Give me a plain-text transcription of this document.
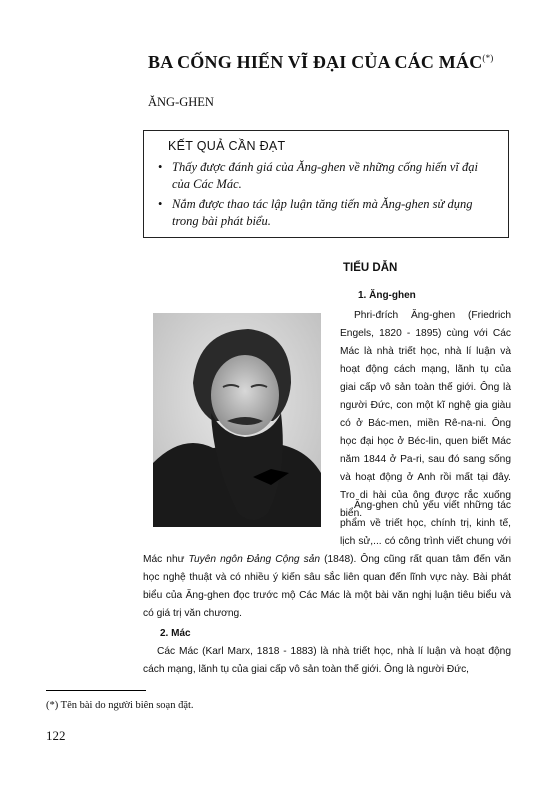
BA CỐNG HIẾN VĨ ĐẠI CỦA CÁC MÁC(*)
ĂNG-GHEN
KẾT QUẢ CẦN ĐẠT
• Thấy được đánh giá của Ăng-ghen về những cống hiến vĩ đại của Các Mác.
• Nắm được thao tác lập luận tăng tiến mà Ăng-ghen sử dụng trong bài phát biểu.
TIỂU DẪN
1. Ăng-ghen

Phri-đrích Ăng-ghen (Friedrich Engels, 1820 - 1895) cùng với Các Mác là nhà triết học, nhà lí luận và hoạt động cách mạng, lãnh tụ của giai cấp vô sản toàn thế giới. Ông là người Đức, con một kĩ nghệ gia giàu có ở Bác-men, miền Rê-na-ni. Ông học đại học ở Béc-lin, quen biết Mác năm 1844 ở Pa-ri, sau đó sang sống và hoạt động ở Anh rồi mất tại đây. Tro di hài của ông được rắc xuống biển.

Ăng-ghen chủ yếu viết những tác phẩm về triết học, chính trị, kinh tế, lịch sử,... có công trình viết chung với Mác như Tuyên ngôn Đảng Cộng sản (1848). Ông cũng rất quan tâm đến văn học nghệ thuật và có nhiều ý kiến sâu sắc liên quan đến lĩnh vực này. Bài phát biểu của Ăng-ghen đọc trước mộ Các Mác là một bài văn nghị luận tiêu biểu và có giá trị văn chương.

2. Mác

Các Mác (Karl Marx, 1818 - 1883) là nhà triết học, nhà lí luận và hoạt động cách mạng, lãnh tụ của giai cấp vô sản toàn thế giới. Ông là người Đức,

(*) Tên bài do người biên soạn đặt.
122
